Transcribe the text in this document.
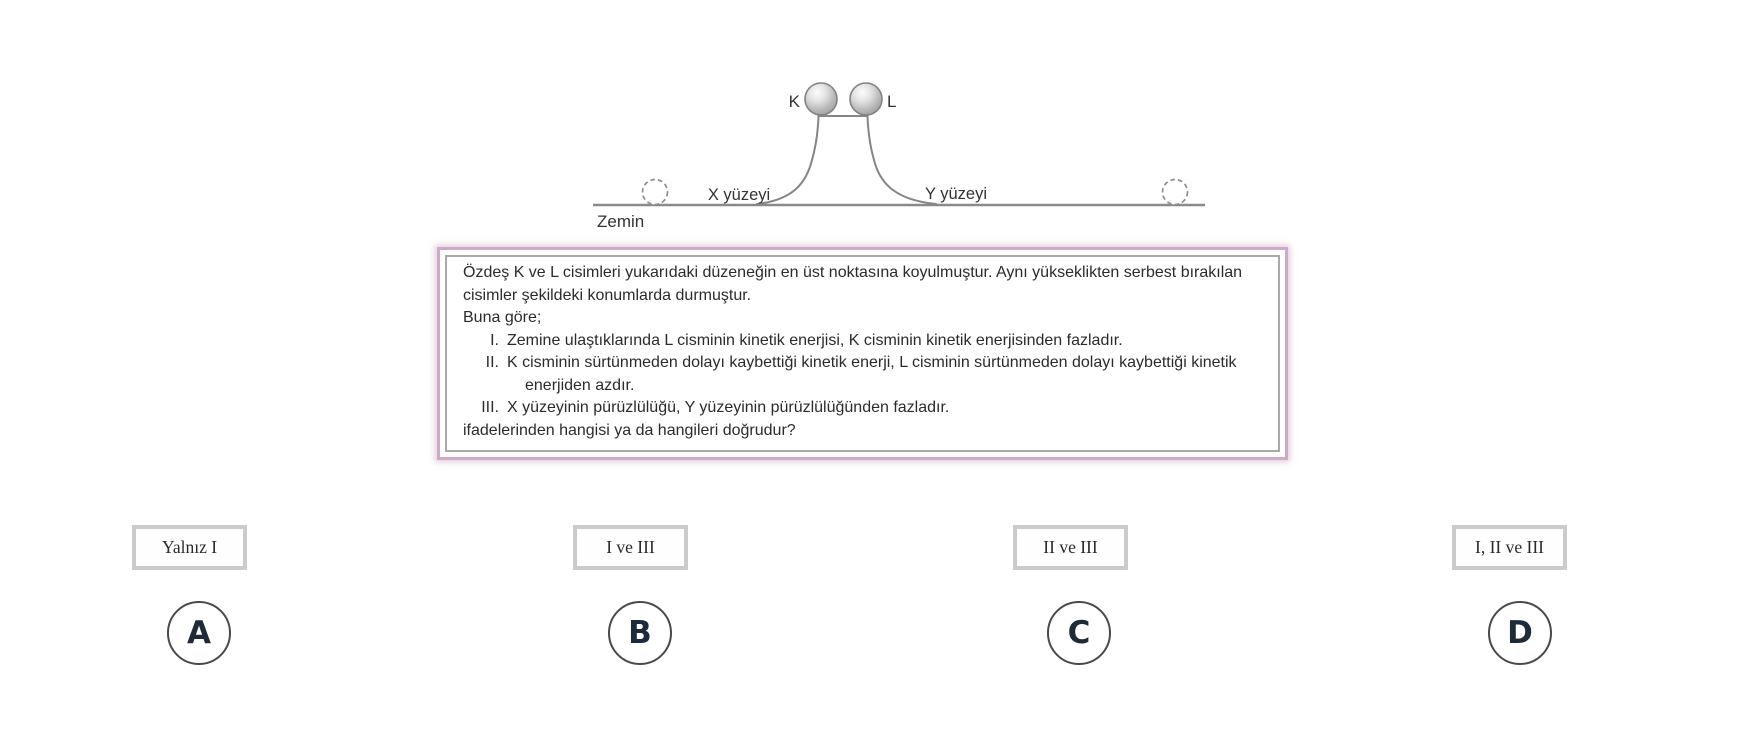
K	L
X yüzeyi	Y yüzeyi
Zemin

Özdeş K ve L cisimleri yukarıdaki düzeneğin en üst noktasına koyulmuştur. Aynı yükseklikten serbest bırakılan cisimler şekildeki konumlarda durmuştur.

Buna göre;

I. Zemine ulaştıklarında L cisminin kinetik enerjisi, K cisminin kinetik enerjisinden fazladır.
II. K cisminin sürtünmeden dolayı kaybettiği kinetik enerji, L cisminin sürtünmeden dolayı kaybettiği kinetik enerjiden azdır.
III. X yüzeyinin pürüzlülüğü, Y yüzeyinin pürüzlülüğünden fazladır.

ifadelerinden hangisi ya da hangileri doğrudur?

Yalnız I	I ve III	II ve III	I, II ve III
A	B	C	D
